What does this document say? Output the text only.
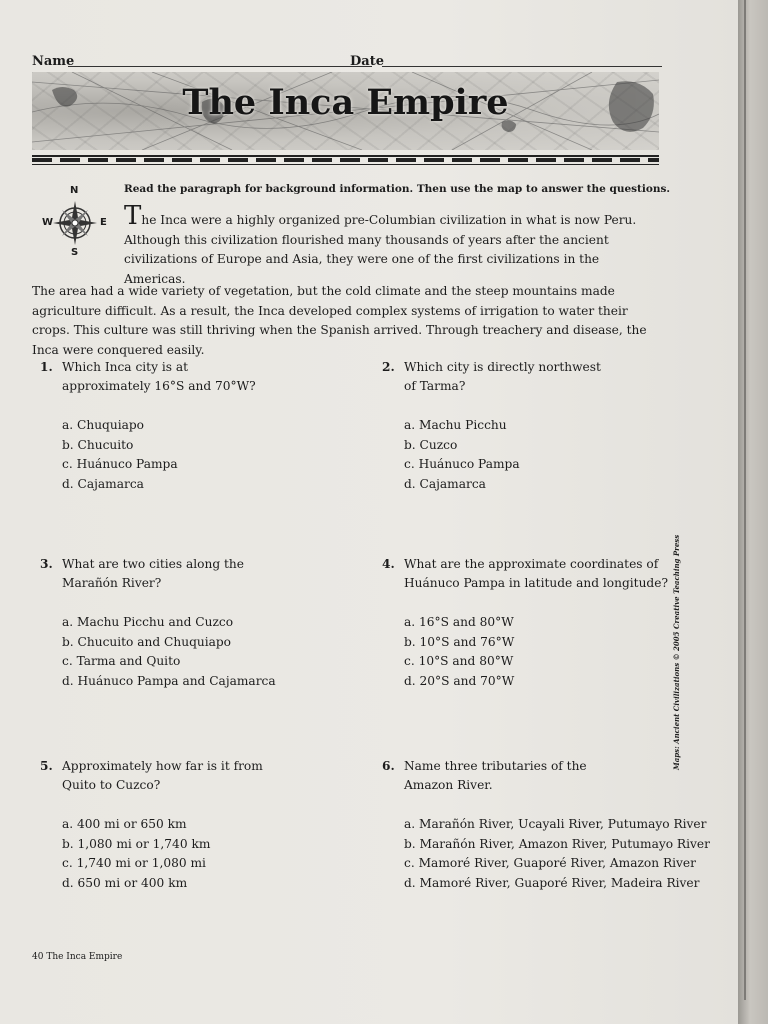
Name	Date
The Inca Empire
N
W	E
S
Read the paragraph for background information. Then use the map to answer the questions.
The Inca were a highly organized pre-Columbian civilization in what is now Peru. Although this civilization flourished many thousands of years after the ancient civilizations of Europe and Asia, they were one of the first civilizations in the Americas.
The area had a wide variety of vegetation, but the cold climate and the steep mountains made agriculture difficult. As a result, the Inca developed complex systems of irrigation to water their crops. This culture was still thriving when the Spanish arrived. Through treachery and disease, the Inca were conquered easily.
1. Which Inca city is at approximately 16°S and 70°W?
a. Chuquiapo
b. Chucuito
c. Huánuco Pampa
d. Cajamarca
2. Which city is directly northwest of Tarma?
a. Machu Picchu
b. Cuzco
c. Huánuco Pampa
d. Cajamarca
3. What are two cities along the Marañón River?
a. Machu Picchu and Cuzco
b. Chucuito and Chuquiapo
c. Tarma and Quito
d. Huánuco Pampa and Cajamarca
4. What are the approximate coordinates of Huánuco Pampa in latitude and longitude?
a. 16°S and 80°W
b. 10°S and 76°W
c. 10°S and 80°W
d. 20°S and 70°W
5. Approximately how far is it from Quito to Cuzco?
a. 400 mi or 650 km
b. 1,080 mi or 1,740 km
c. 1,740 mi or 1,080 mi
d. 650 mi or 400 km
6. Name three tributaries of the Amazon River.
a. Marañón River, Ucayali River, Putumayo River
b. Marañón River, Amazon River, Putumayo River
c. Mamoré River, Guaporé River, Amazon River
d. Mamoré River, Guaporé River, Madeira River
40 The Inca Empire
Maps: Ancient Civilizations © 2005 Creative Teaching Press
